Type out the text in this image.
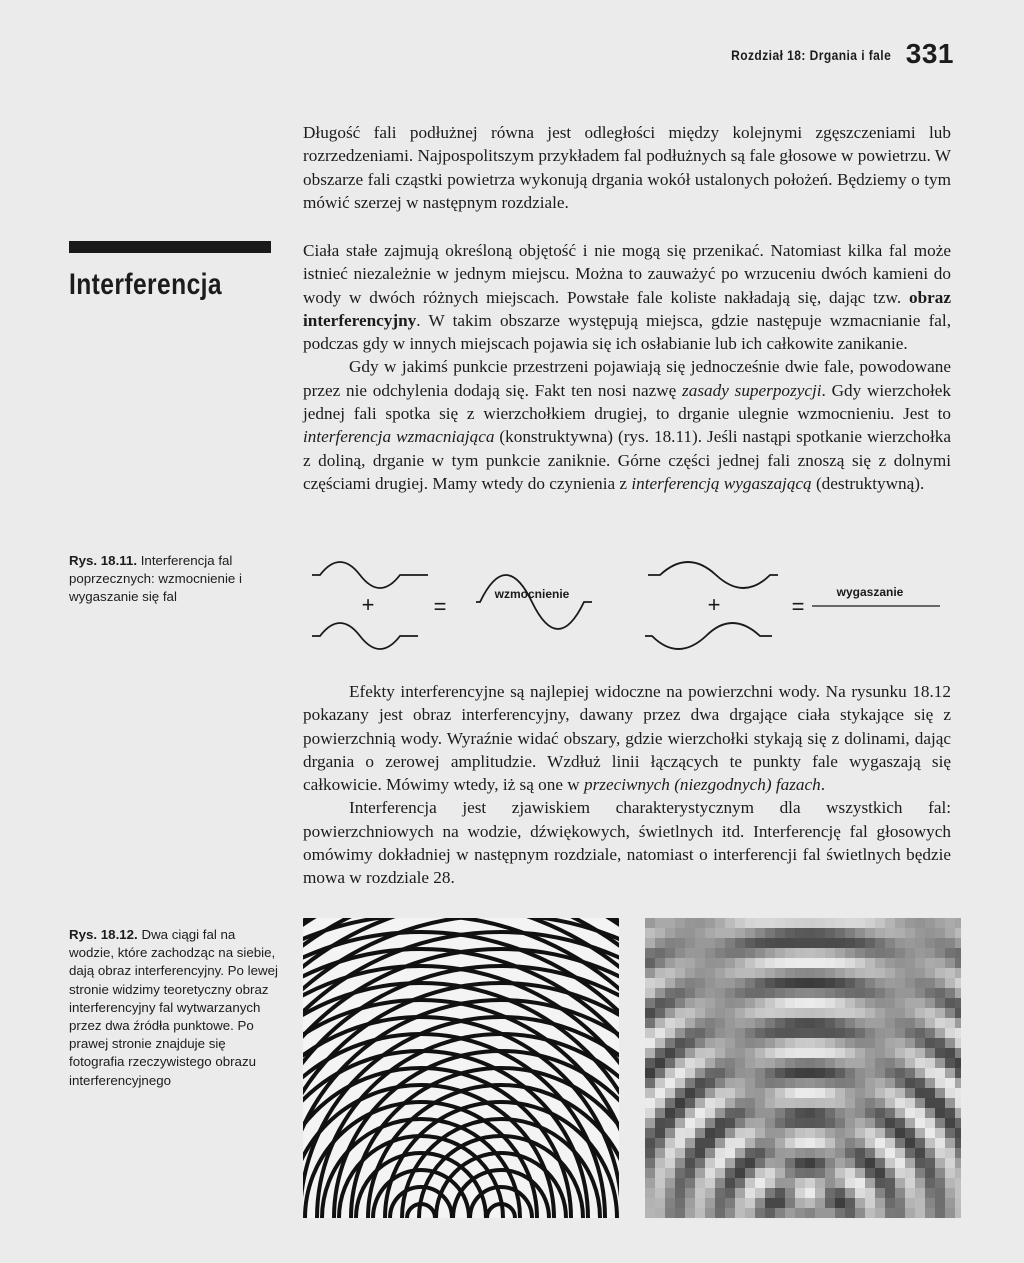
Rozdział 18: Drgania i fale 331

Długość fali podłużnej równa jest odległości między kolejnymi zgęszczeniami lub rozrzedzeniami. Najpospolitszym przykładem fal podłużnych są fale głosowe w powietrzu. W obszarze fali cząstki powietrza wykonują drgania wokół ustalonych położeń. Będziemy o tym mówić szerzej w następnym rozdziale.

Interferencja

Ciała stałe zajmują określoną objętość i nie mogą się przenikać. Natomiast kilka fal może istnieć niezależnie w jednym miejscu. Można to zauważyć po wrzuceniu dwóch kamieni do wody w dwóch różnych miejscach. Powstałe fale koliste nakładają się, dając tzw. obraz interferencyjny. W takim obszarze występują miejsca, gdzie następuje wzmacnianie fal, podczas gdy w innych miejscach pojawia się ich osłabianie lub ich całkowite zanikanie.

Gdy w jakimś punkcie przestrzeni pojawiają się jednocześnie dwie fale, powodowane przez nie odchylenia dodają się. Fakt ten nosi nazwę zasady superpozycji. Gdy wierzchołek jednej fali spotka się z wierzchołkiem drugiej, to drganie ulegnie wzmocnieniu. Jest to interferencja wzmacniająca (konstruktywna) (rys. 18.11). Jeśli nastąpi spotkanie wierzchołka z doliną, drganie w tym punkcie zaniknie. Górne części jednej fali znoszą się z dolnymi częściami drugiej. Mamy wtedy do czynienia z interferencją wygaszającą (destruktywną).

Rys. 18.11. Interferencja fal poprzecznych: wzmocnienie i wygaszanie się fal	+	=	wzmocnienie	+	=
wygaszanie

Efekty interferencyjne są najlepiej widoczne na powierzchni wody. Na rysunku 18.12 pokazany jest obraz interferencyjny, dawany przez dwa drgające ciała stykające się z powierzchnią wody. Wyraźnie widać obszary, gdzie wierzchołki stykają się z dolinami, dając drgania o zerowej amplitudzie. Wzdłuż linii łączących te punkty fale wygaszają się całkowicie. Mówimy wtedy, iż są one w przeciwnych (niezgodnych) fazach.

Interferencja jest zjawiskiem charakterystycznym dla wszystkich fal: powierzchniowych na wodzie, dźwiękowych, świetlnych itd. Interferencję fal głosowych omówimy dokładniej w następnym rozdziale, natomiast o interferencji fal świetlnych będzie mowa w rozdziale 28.

Rys. 18.12. Dwa ciągi fal na wodzie, które zachodząc na siebie, dają obraz interferencyjny. Po lewej stronie widzimy teoretyczny obraz interferencyjny fal wytwarzanych przez dwa źródła punktowe. Po prawej stronie znajduje się fotografia rzeczywistego obrazu interferencyjnego
